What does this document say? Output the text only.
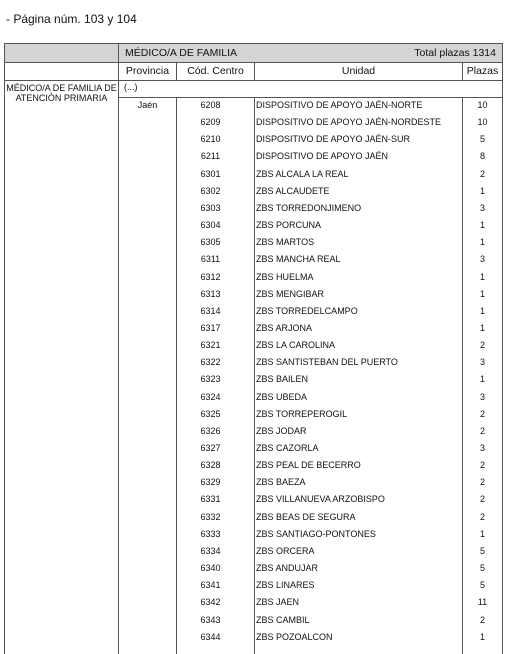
- Página núm. 103 y 104
MÉDICO/A DE FAMILIA	Total plazas 1314
Provincia	Cód. Centro	Unidad	Plazas
MÉDICO/A DE FAMILIA DE ATENCIÓN PRIMARIA
(...)
Jaén	6208	DISPOSITIVO DE APOYO JAÉN-NORTE	10
6209	DISPOSITIVO DE APOYO JAÉN-NORDESTE	10
6210	DISPOSITIVO DE APOYO JAÉN-SUR	5
6211	DISPOSITIVO DE APOYO JAÉN	8
6301	ZBS ALCALA LA REAL	2
6302	ZBS ALCAUDETE	1
6303	ZBS TORREDONJIMENO	3
6304	ZBS PORCUNA	1
6305	ZBS MARTOS	1
6311	ZBS MANCHA REAL	3
6312	ZBS HUELMA	1
6313	ZBS MENGIBAR	1
6314	ZBS TORREDELCAMPO	1
6317	ZBS ARJONA	1
6321	ZBS LA CAROLINA	2
6322	ZBS SANTISTEBAN DEL PUERTO	3
6323	ZBS BAILEN	1
6324	ZBS UBEDA	3
6325	ZBS TORREPEROGIL	2
6326	ZBS JODAR	2
6327	ZBS CAZORLA	3
6328	ZBS PEAL DE BECERRO	2
6329	ZBS BAEZA	2
6331	ZBS VILLANUEVA ARZOBISPO	2
6332	ZBS BEAS DE SEGURA	2
6333	ZBS SANTIAGO-PONTONES	1
6334	ZBS ORCERA	5
6340	ZBS ANDUJAR	5
6341	ZBS LINARES	5
6342	ZBS JAEN	11
6343	ZBS CAMBIL	2
6344	ZBS POZOALCON	1
